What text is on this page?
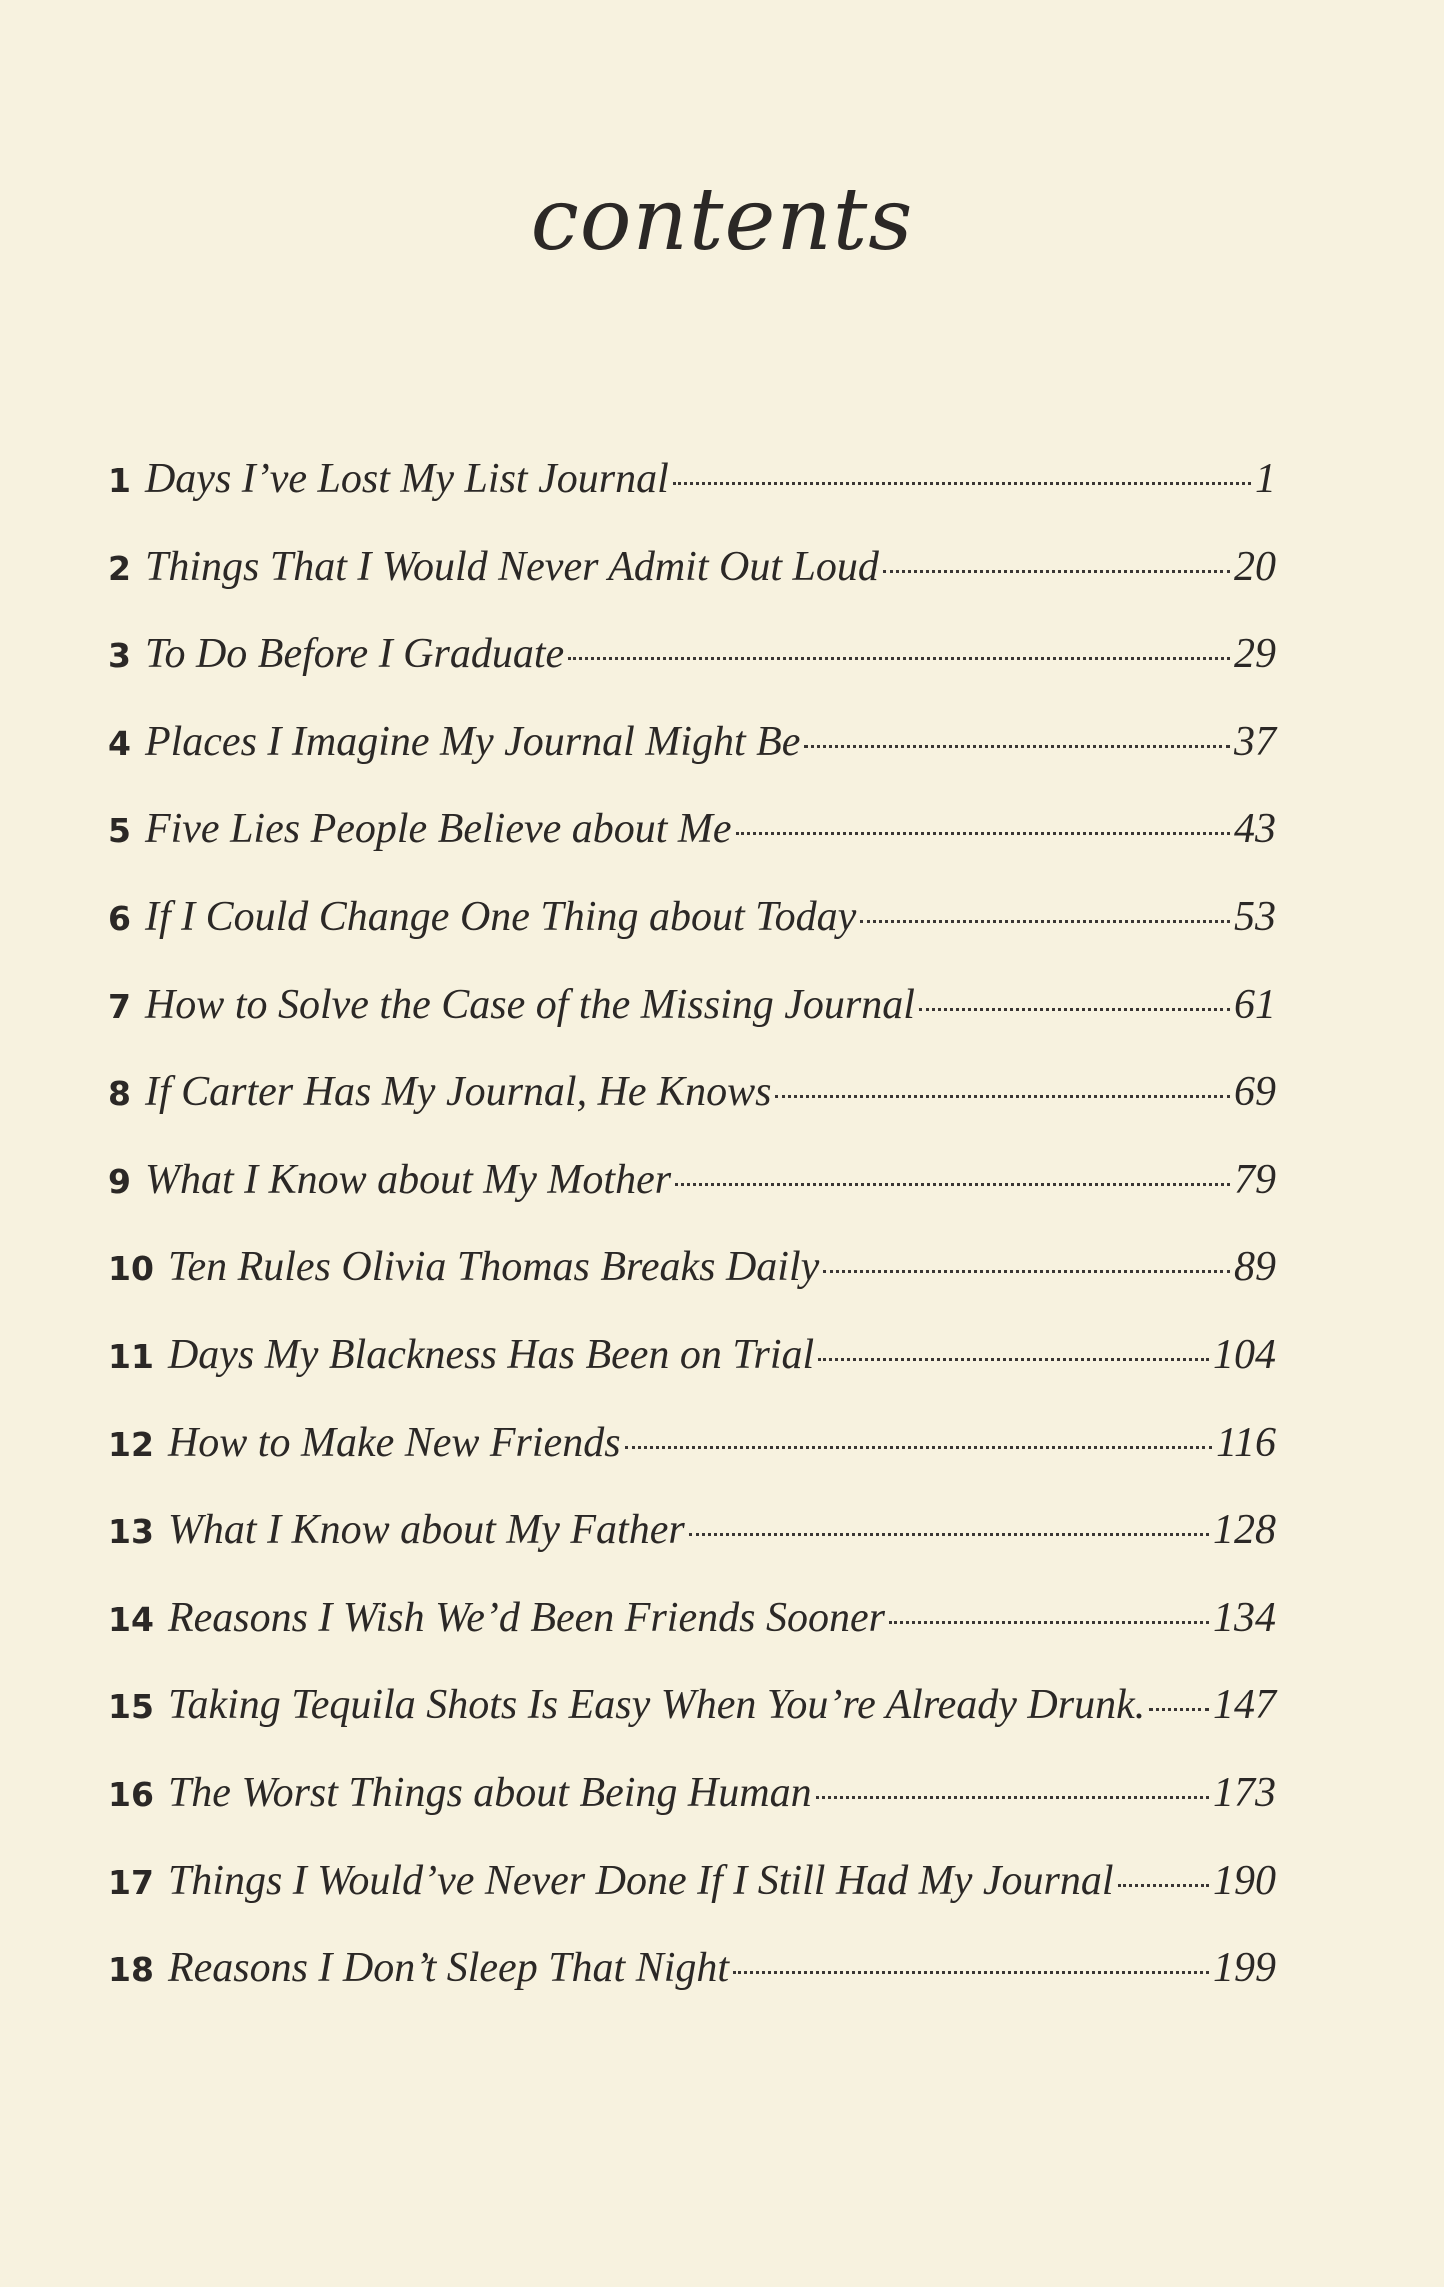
contents
1 Days I’ve Lost My List Journal	1
2 Things That I Would Never Admit Out Loud	20
3 To Do Before I Graduate	29
4 Places I Imagine My Journal Might Be	37
5 Five Lies People Believe about Me	43
6 If I Could Change One Thing about Today	53
7 How to Solve the Case of the Missing Journal	61
8 If Carter Has My Journal, He Knows	69
9 What I Know about My Mother	79
10 Ten Rules Olivia Thomas Breaks Daily	89
11 Days My Blackness Has Been on Trial	104
12 How to Make New Friends	116
13 What I Know about My Father	128
14 Reasons I Wish We’d Been Friends Sooner	134
15 Taking Tequila Shots Is Easy When You’re Already Drunk. 147
16 The Worst Things about Being Human	173
17 Things I Would’ve Never Done If I Still Had My Journal 190
18 Reasons I Don’t Sleep That Night	199
